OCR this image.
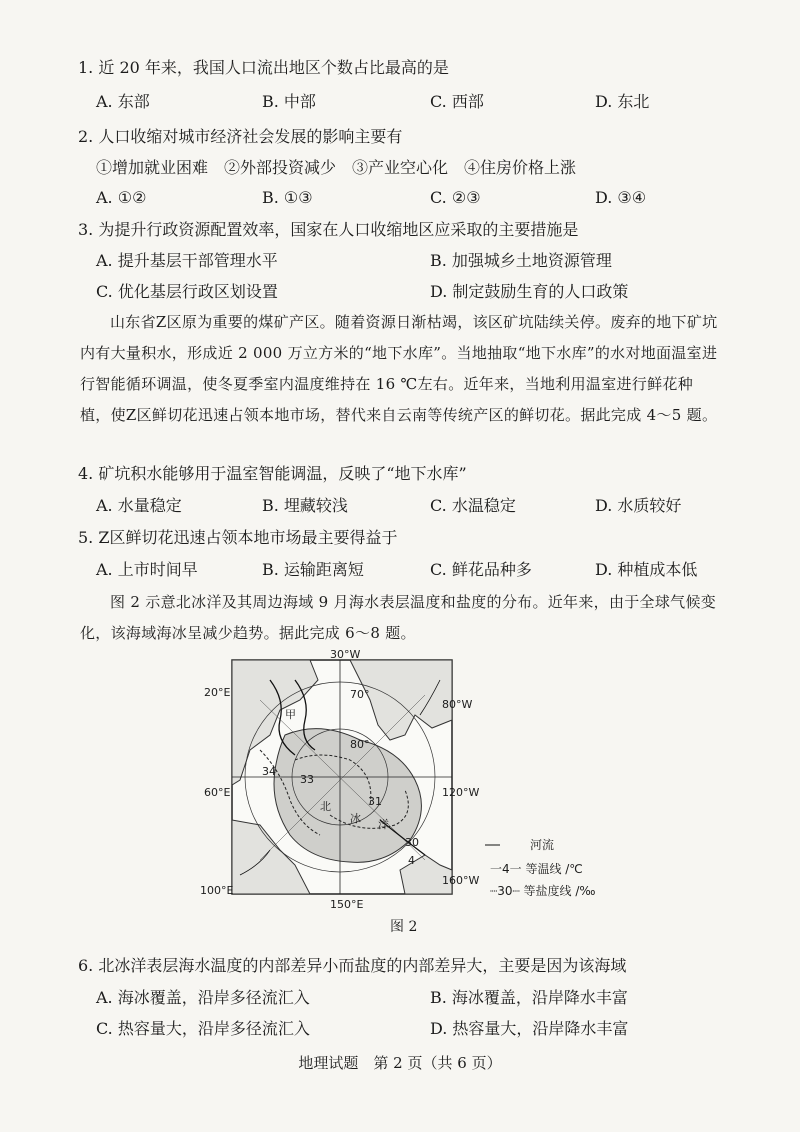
1. 近 20 年来，我国人口流出地区个数占比最高的是
A. 东部	B. 中部	C. 西部	D. 东北
2. 人口收缩对城市经济社会发展的影响主要有
①增加就业困难　②外部投资减少　③产业空心化　④住房价格上涨
A. ①②	B. ①③	C. ②③	D. ③④
3. 为提升行政资源配置效率，国家在人口收缩地区应采取的主要措施是
A. 提升基层干部管理水平	B. 加强城乡土地资源管理
C. 优化基层行政区划设置	D. 制定鼓励生育的人口政策
山东省Z区原为重要的煤矿产区。随着资源日渐枯竭，该区矿坑陆续关停。废弃的地下矿坑内有大量积水，形成近 2 000 万立方米的“地下水库”。当地抽取“地下水库”的水对地面温室进行智能循环调温，使冬夏季室内温度维持在 16 ℃左右。近年来，当地利用温室进行鲜花种植，使Z区鲜切花迅速占领本地市场，替代来自云南等传统产区的鲜切花。据此完成 4～5 题。
4. 矿坑积水能够用于温室智能调温，反映了“地下水库”
A. 水量稳定	B. 埋藏较浅	C. 水温稳定	D. 水质较好
5. Z区鲜切花迅速占领本地市场最主要得益于
A. 上市时间早	B. 运输距离短	C. 鲜花品种多	D. 种植成本低
图 2 示意北冰洋及其周边海域 9 月海水表层温度和盐度的分布。近年来，由于全球气候变化，该海域海冰呈减少趋势。据此完成 6～8 题。
30°W
20°E	70°
80°W
甲
80°
34
33
60°E	120°W
北	31
冰 洋
30
4
160°W
100°E
150°E
河流
一4一 等温线 /℃
┈30┈ 等盐度线 /‰
图 2
6. 北冰洋表层海水温度的内部差异小而盐度的内部差异大，主要是因为该海域
A. 海冰覆盖，沿岸多径流汇入	B. 海冰覆盖，沿岸降水丰富
C. 热容量大，沿岸多径流汇入	D. 热容量大，沿岸降水丰富
地理试题　第 2 页（共 6 页）
